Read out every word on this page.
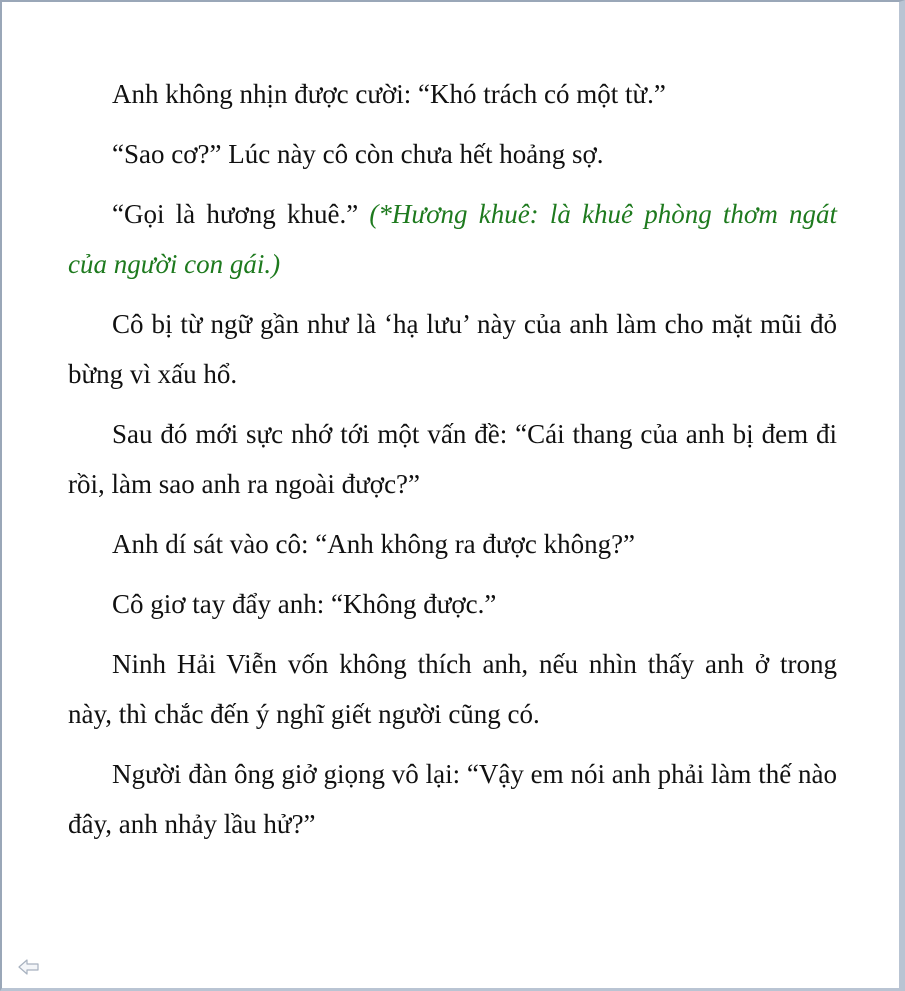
Anh không nhịn được cười: “Khó trách có một từ.”

“Sao cơ?” Lúc này cô còn chưa hết hoảng sợ.

“Gọi là hương khuê.” (*Hương khuê: là khuê phòng thơm ngát của người con gái.)

Cô bị từ ngữ gần như là ‘hạ lưu’ này của anh làm cho mặt mũi đỏ bừng vì xấu hổ.

Sau đó mới sực nhớ tới một vấn đề: “Cái thang của anh bị đem đi rồi, làm sao anh ra ngoài được?”

Anh dí sát vào cô: “Anh không ra được không?”

Cô giơ tay đẩy anh: “Không được.”

Ninh Hải Viễn vốn không thích anh, nếu nhìn thấy anh ở trong này, thì chắc đến ý nghĩ giết người cũng có.

Người đàn ông giở giọng vô lại: “Vậy em nói anh phải làm thế nào đây, anh nhảy lầu hử?”
